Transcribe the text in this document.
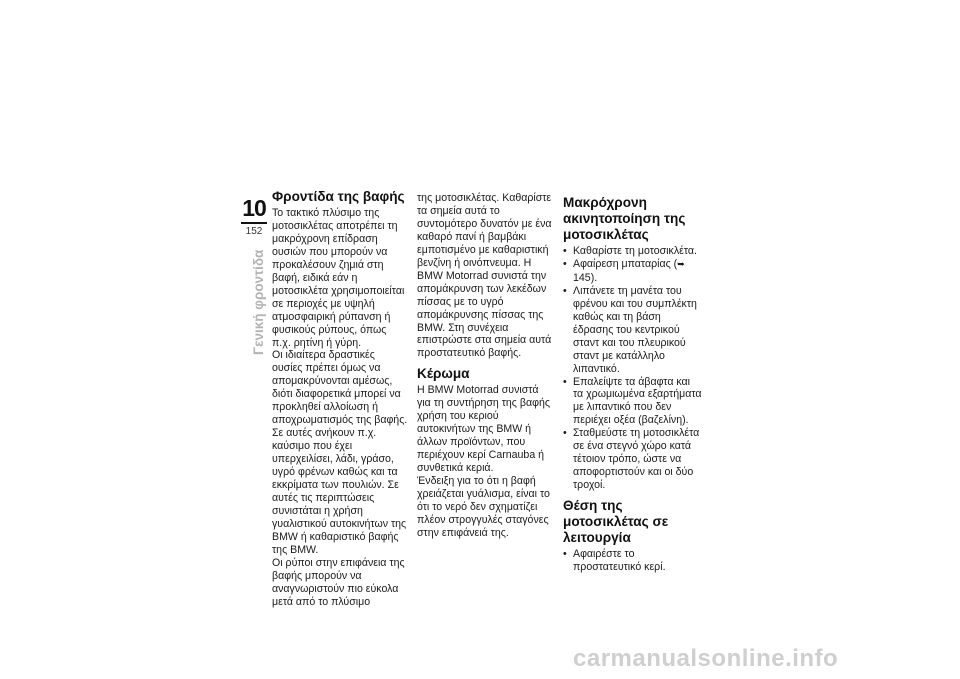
10
152
Γενική φροντίδα
Φροντίδα της βαφής

Το τακτικό πλύσιμο της μοτοσικλέτας αποτρέπει τη μακρόχρονη επίδραση ουσιών που μπορούν να προκαλέσουν ζημιά στη βαφή, ειδικά εάν η μοτοσικλέτα χρησιμοποιείται σε περιοχές με υψηλή ατμοσφαιρική ρύπανση ή φυσικούς ρύπους, όπως π.χ. ρητίνη ή γύρη.

Οι ιδιαίτερα δραστικές ουσίες πρέπει όμως να απομακρύνονται αμέσως, διότι διαφορετικά μπορεί να προκληθεί αλλοίωση ή αποχρωματισμός της βαφής. Σε αυτές ανήκουν π.χ. καύσιμο που έχει υπερχειλίσει, λάδι, γράσο, υγρό φρένων καθώς και τα εκκρίματα των πουλιών. Σε αυτές τις περιπτώσεις συνιστάται η χρήση γυαλιστικού αυτοκινήτων της BMW ή καθαριστικό βαφής της BMW.

Οι ρύποι στην επιφάνεια της βαφής μπορούν να αναγνωριστούν πιο εύκολα μετά από το πλύσιμο

της μοτοσικλέτας. Καθαρίστε τα σημεία αυτά το συντομότερο δυνατόν με ένα καθαρό πανί ή βαμβάκι εμποτισμένο με καθαριστική βενζίνη ή οινόπνευμα. Η BMW Motorrad συνιστά την απομάκρυνση των λεκέδων πίσσας με το υγρό απομάκρυνσης πίσσας της BMW. Στη συνέχεια επιστρώστε στα σημεία αυτά προστατευτικό βαφής.

Κέρωμα

Η BMW Motorrad συνιστά για τη συντήρηση της βαφής χρήση του κεριού αυτοκινήτων της BMW ή άλλων προϊόντων, που περιέχουν κερί Carnauba ή συνθετικά κεριά.

Ένδειξη για το ότι η βαφή χρειάζεται γυάλισμα, είναι το ότι το νερό δεν σχηματίζει πλέον στρογγυλές σταγόνες στην επιφάνειά της.

Μακρόχρονη ακινητοποίηση της μοτοσικλέτας
• Καθαρίστε τη μοτοσικλέτα.
• Αφαίρεση μπαταρίας (➥ 145).
• Λιπάνετε τη μανέτα του φρένου και του συμπλέκτη καθώς και τη βάση έδρασης του κεντρικού σταντ και του πλευρικού σταντ με κατάλληλο λιπαντικό.
• Επαλείψτε τα άβαφτα και τα χρωμιωμένα εξαρτήματα με λιπαντικό που δεν περιέχει οξέα (βαζελίνη).
• Σταθμεύστε τη μοτοσικλέτα σε ένα στεγνό χώρο κατά τέτοιον τρόπο, ώστε να αποφορτιστούν και οι δύο τροχοί.
Θέση της μοτοσικλέτας σε λειτουργία
• Αφαιρέστε το προστατευτικό κερί.
carmanualsonline.info
